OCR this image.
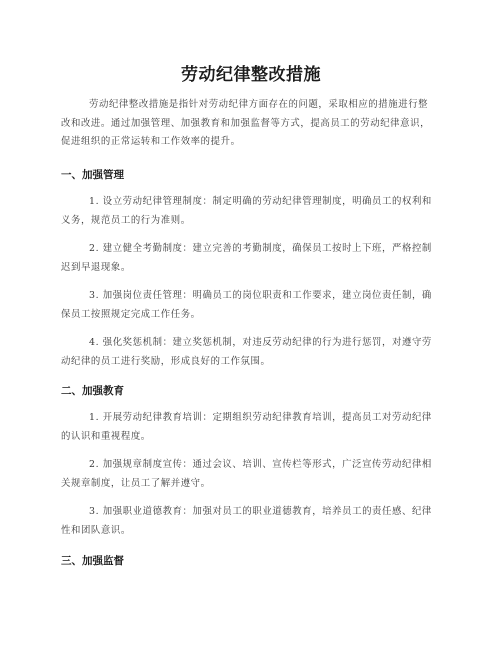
劳动纪律整改措施
劳动纪律整改措施是指针对劳动纪律方面存在的问题，采取相应的措施进行整
改和改进。通过加强管理、加强教育和加强监督等方式，提高员工的劳动纪律意识，
促进组织的正常运转和工作效率的提升。
一、加强管理
1. 设立劳动纪律管理制度：制定明确的劳动纪律管理制度，明确员工的权利和
义务，规范员工的行为准则。
2. 建立健全考勤制度：建立完善的考勤制度，确保员工按时上下班，严格控制
迟到早退现象。
3. 加强岗位责任管理：明确员工的岗位职责和工作要求，建立岗位责任制，确
保员工按照规定完成工作任务。
4. 强化奖惩机制：建立奖惩机制，对违反劳动纪律的行为进行惩罚，对遵守劳
动纪律的员工进行奖励，形成良好的工作氛围。
二、加强教育
1. 开展劳动纪律教育培训：定期组织劳动纪律教育培训，提高员工对劳动纪律
的认识和重视程度。
2. 加强规章制度宣传：通过会议、培训、宣传栏等形式，广泛宣传劳动纪律相
关规章制度，让员工了解并遵守。
3. 加强职业道德教育：加强对员工的职业道德教育，培养员工的责任感、纪律
性和团队意识。
三、加强监督
